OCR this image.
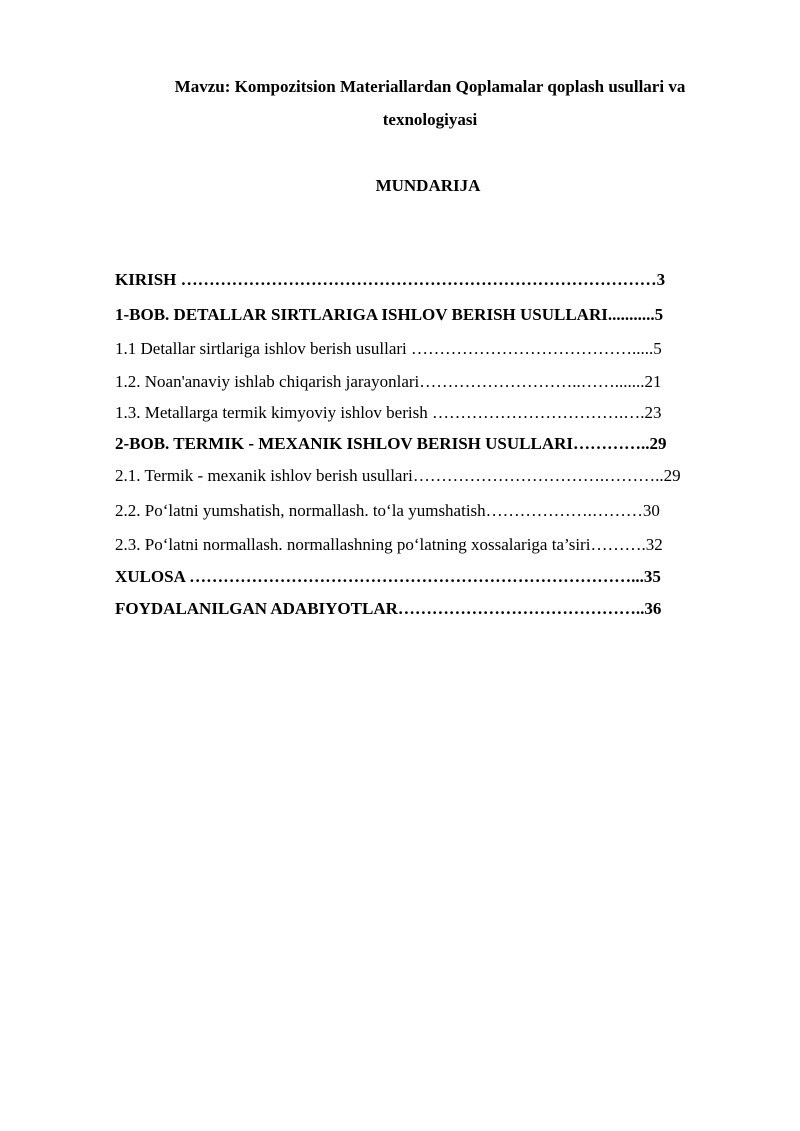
Mavzu: Kompozitsion Materiallardan Qoplamalar qoplash usullari va
texnologiyasi
MUNDARIJA
KIRISH …………………………………………………………………………3
1-BOB. DETALLAR SIRTLARIGA ISHLOV BERISH USULLARI...........5
1.1 Detallar sirtlariga ishlov berish usullari ………………………………….....5
1.2. Noan'anaviy ishlab chiqarish jarayonlari………………………..…….......21
1.3. Metallarga termik kimyoviy ishlov berish …………………………….….23
2-BOB. TERMIK - MEXANIK ISHLOV BERISH USULLARI…………..29
2.1. Termik - mexanik ishlov berish usullari…………………………….………..29
2.2. Po‘latni yumshatish, normallash. to‘la yumshatish……………….………30
2.3. Po‘latni normallash. normallashning po‘latning xossalariga ta’siri……….32
XULOSA ……………………………………………………………………...35
FOYDALANILGAN ADABIYOTLAR……………………………………..36
